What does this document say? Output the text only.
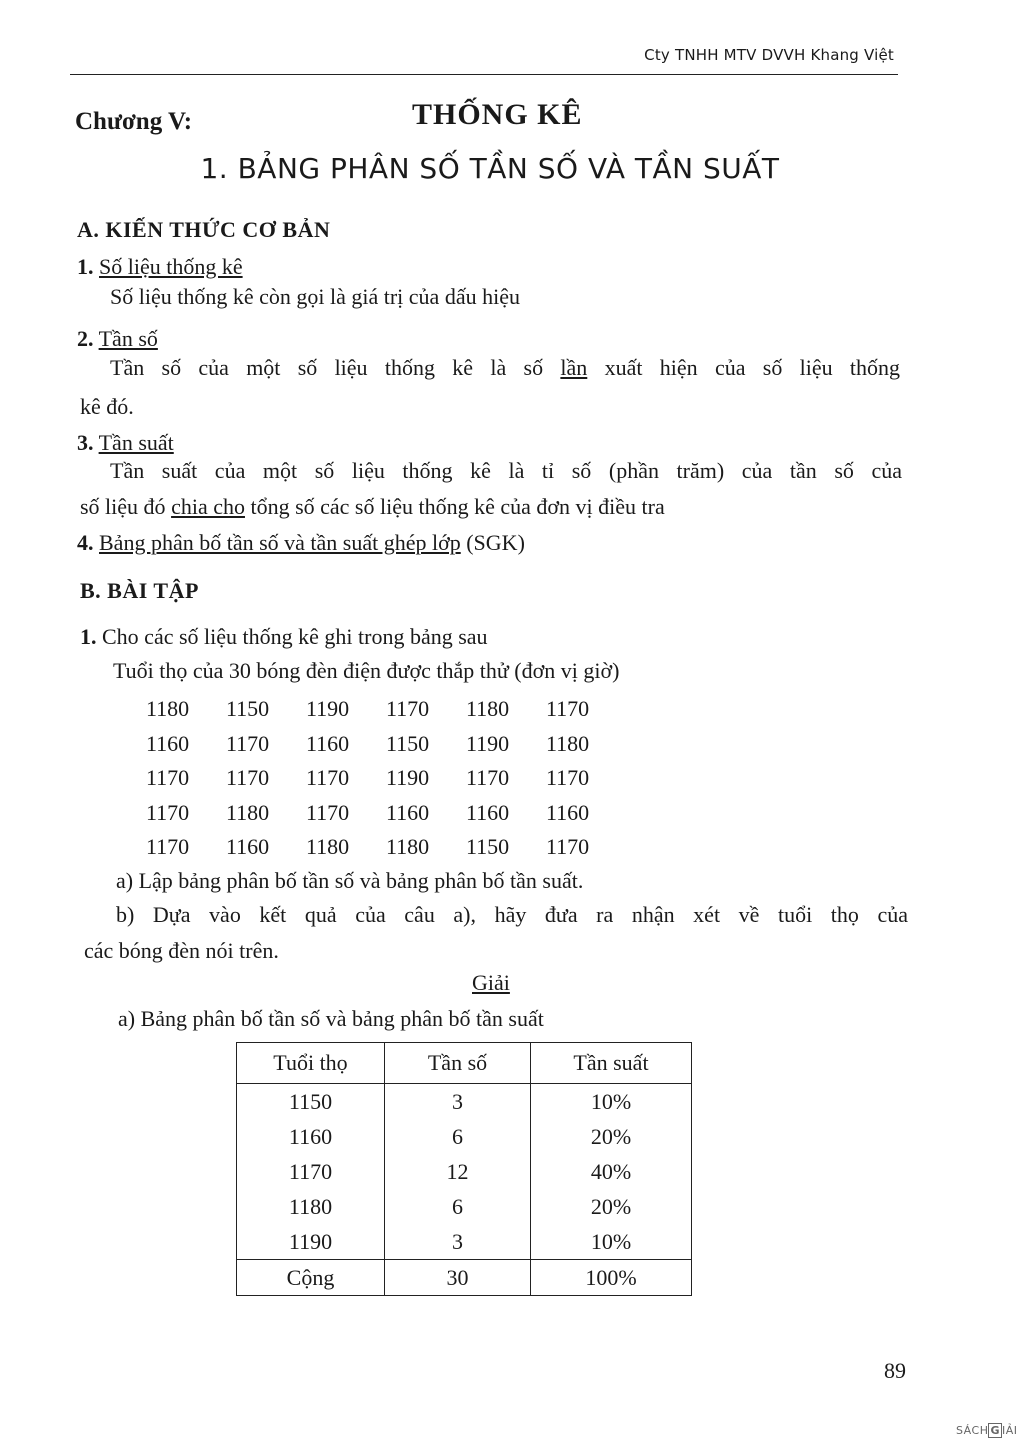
Cty TNHH MTV DVVH Khang Việt
Chương V:	THỐNG KÊ
1. BẢNG PHÂN SỐ TẦN SỐ VÀ TẦN SUẤT
A. KIẾN THỨC CƠ BẢN
1. Số liệu thống kê
Số liệu thống kê còn gọi là giá trị của dấu hiệu
2. Tần số
Tần số của một số liệu thống kê là số lần xuất hiện của số liệu thống
kê đó.
3. Tần suất
Tần suất của một số liệu thống kê là tỉ số (phần trăm) của tần số của
số liệu đó chia cho tổng số các số liệu thống kê của đơn vị điều tra
4. Bảng phân bố tần số và tần suất ghép lớp (SGK)
B. BÀI TẬP
1. Cho các số liệu thống kê ghi trong bảng sau
Tuổi thọ của 30 bóng đèn điện được thắp thử (đơn vị giờ)
1180	1150	1190	1170	1180	1170
1160	1170	1160	1150	1190	1180
1170	1170	1170	1190	1170	1170
1170	1180	1170	1160	1160	1160
1170	1160	1180	1180	1150	1170
a) Lập bảng phân bố tần số và bảng phân bố tần suất.
b) Dựa vào kết quả của câu a), hãy đưa ra nhận xét về tuổi thọ của
các bóng đèn nói trên.
Giải
a) Bảng phân bố tần số và bảng phân bố tần suất
Tuổi thọ	Tần số	Tần suất
1150	3	10%
1160	6	20%
1170	12	40%
1180	6	20%
1190	3	10%
Cộng	30	100%
89
SÁCH G IẢI
